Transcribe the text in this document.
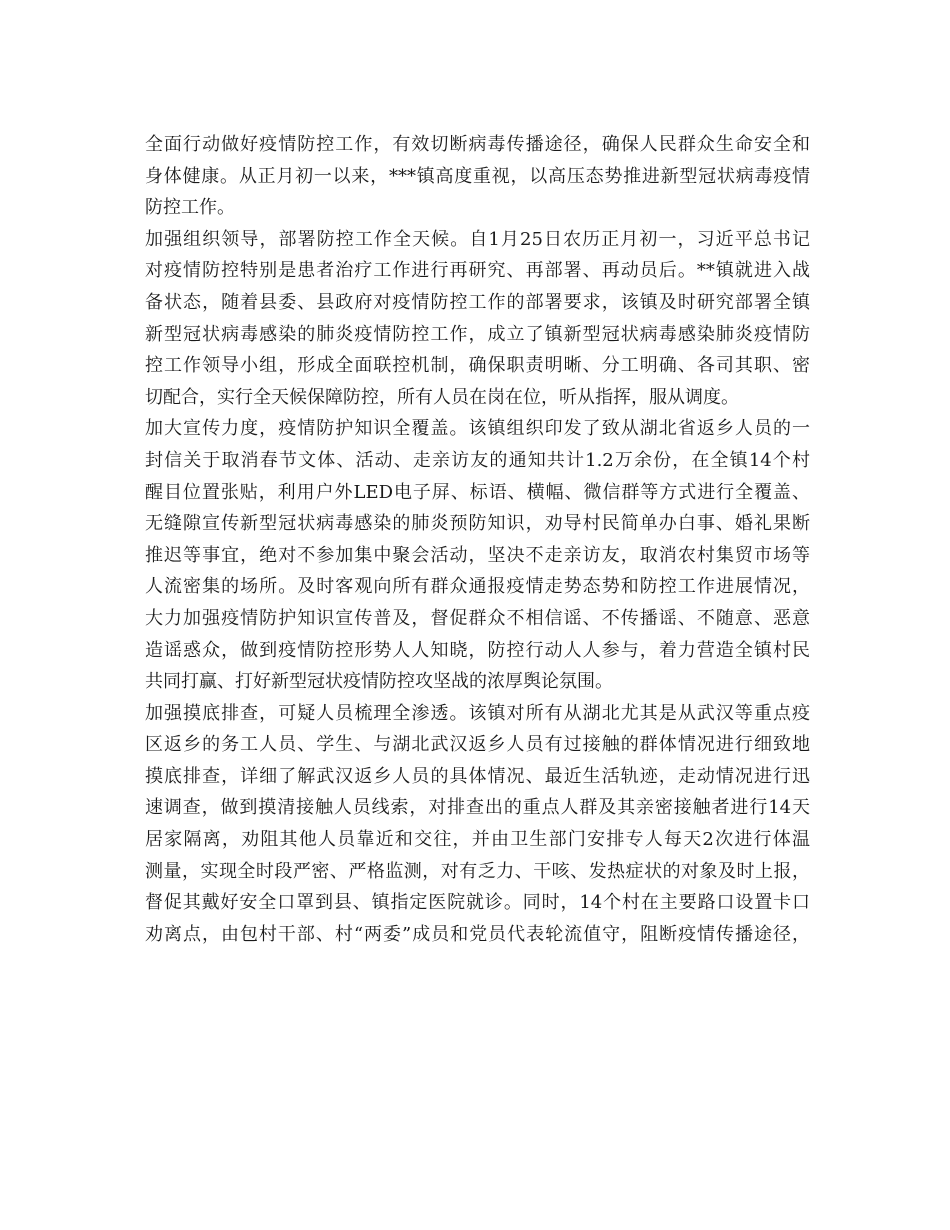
全面行动做好疫情防控工作，有效切断病毒传播途径，确保人民群众生命安全和
身体健康。从正月初一以来，***镇高度重视，以高压态势推进新型冠状病毒疫情
防控工作。
加强组织领导，部署防控工作全天候。自1月25日农历正月初一，习近平总书记
对疫情防控特别是患者治疗工作进行再研究、再部署、再动员后。**镇就进入战
备状态，随着县委、县政府对疫情防控工作的部署要求，该镇及时研究部署全镇
新型冠状病毒感染的肺炎疫情防控工作，成立了镇新型冠状病毒感染肺炎疫情防
控工作领导小组，形成全面联控机制，确保职责明晰、分工明确、各司其职、密
切配合，实行全天候保障防控，所有人员在岗在位，听从指挥，服从调度。
加大宣传力度，疫情防护知识全覆盖。该镇组织印发了致从湖北省返乡人员的一
封信关于取消春节文体、活动、走亲访友的通知共计1.2万余份，在全镇14个村
醒目位置张贴，利用户外LED电子屏、标语、横幅、微信群等方式进行全覆盖、
无缝隙宣传新型冠状病毒感染的肺炎预防知识，劝导村民简单办白事、婚礼果断
推迟等事宜，绝对不参加集中聚会活动，坚决不走亲访友，取消农村集贸市场等
人流密集的场所。及时客观向所有群众通报疫情走势态势和防控工作进展情况，
大力加强疫情防护知识宣传普及，督促群众不相信谣、不传播谣、不随意、恶意
造谣惑众，做到疫情防控形势人人知晓，防控行动人人参与，着力营造全镇村民
共同打赢、打好新型冠状疫情防控攻坚战的浓厚舆论氛围。
加强摸底排查，可疑人员梳理全渗透。该镇对所有从湖北尤其是从武汉等重点疫
区返乡的务工人员、学生、与湖北武汉返乡人员有过接触的群体情况进行细致地
摸底排查，详细了解武汉返乡人员的具体情况、最近生活轨迹，走动情况进行迅
速调查，做到摸清接触人员线索，对排查出的重点人群及其亲密接触者进行14天
居家隔离，劝阻其他人员靠近和交往，并由卫生部门安排专人每天2次进行体温
测量，实现全时段严密、严格监测，对有乏力、干咳、发热症状的对象及时上报，
督促其戴好安全口罩到县、镇指定医院就诊。同时，14个村在主要路口设置卡口
劝离点，由包村干部、村“两委”成员和党员代表轮流值守，阻断疫情传播途径，
